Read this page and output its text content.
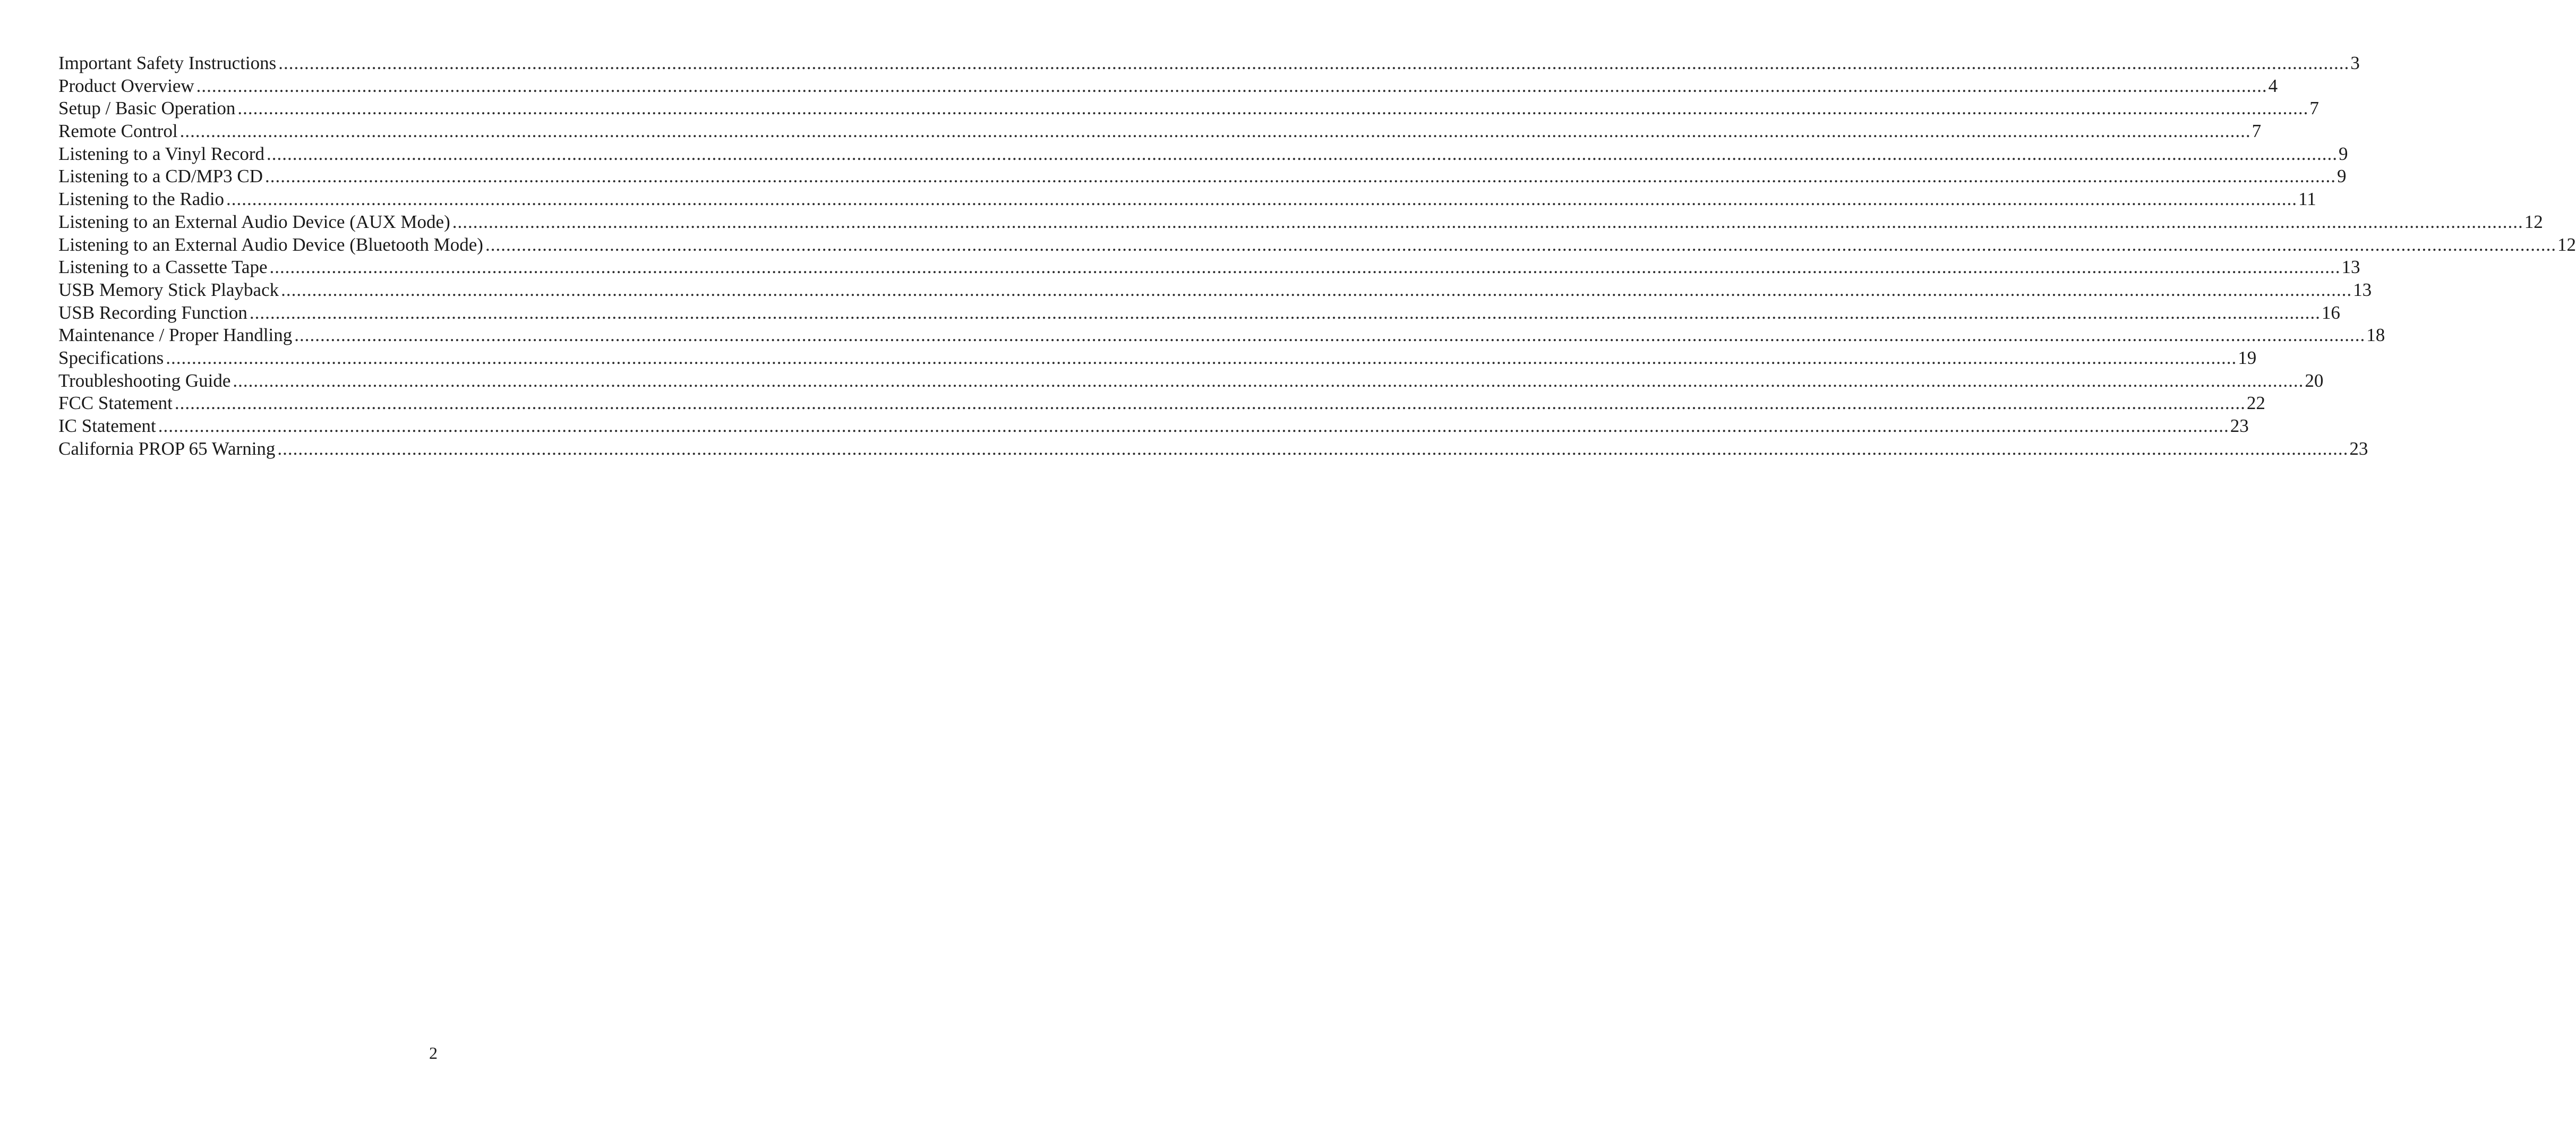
Important Safety Instructions ................................................................................................................................................................................................................................................................................................................................................................................................................ 3
Product Overview ................................................................................................................................................................................................................................................................................................................................................................................................................ 4
Setup / Basic Operation ................................................................................................................................................................................................................................................................................................................................................................................................................ 7
Remote Control ................................................................................................................................................................................................................................................................................................................................................................................................................ 7
Listening to a Vinyl Record ................................................................................................................................................................................................................................................................................................................................................................................................................ 9
Listening to a CD/MP3 CD ................................................................................................................................................................................................................................................................................................................................................................................................................ 9
Listening to the Radio ................................................................................................................................................................................................................................................................................................................................................................................................................ 11
Listening to an External Audio Device (AUX Mode) ................................................................................................................................................................................................................................................................................................................................................................................................................ 12
Listening to an External Audio Device (Bluetooth Mode) ................................................................................................................................................................................................................................................................................................................................................................................................................ 12
Listening to a Cassette Tape ................................................................................................................................................................................................................................................................................................................................................................................................................ 13
USB Memory Stick Playback ................................................................................................................................................................................................................................................................................................................................................................................................................ 13
USB Recording Function ................................................................................................................................................................................................................................................................................................................................................................................................................ 16
Maintenance / Proper Handling ................................................................................................................................................................................................................................................................................................................................................................................................................ 18
Specifications ................................................................................................................................................................................................................................................................................................................................................................................................................ 19
Troubleshooting Guide ................................................................................................................................................................................................................................................................................................................................................................................................................ 20
FCC Statement ................................................................................................................................................................................................................................................................................................................................................................................................................ 22
IC Statement ................................................................................................................................................................................................................................................................................................................................................................................................................ 23
California PROP 65 Warning ................................................................................................................................................................................................................................................................................................................................................................................................................ 23
2
